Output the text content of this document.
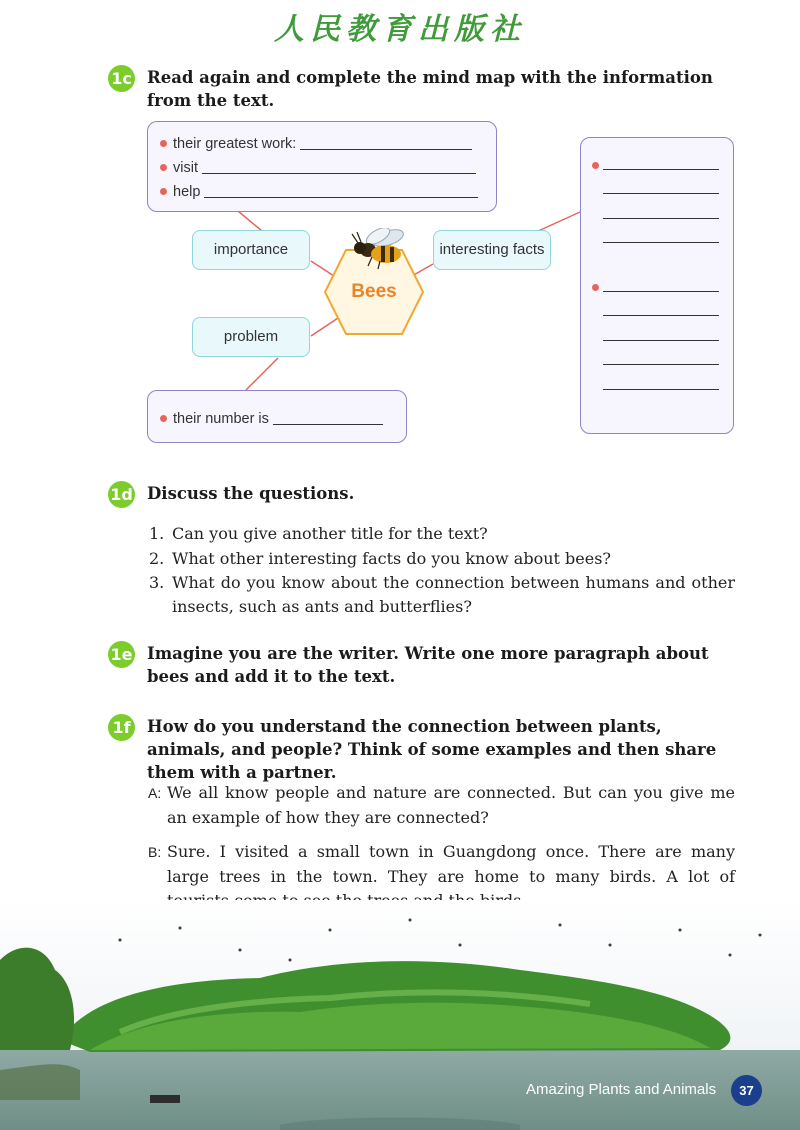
人民教育出版社
1c Read again and complete the mind map with the information from the text.
their greatest work:
visit
help
importance
problem
interesting facts
Bees
their number is
1d Discuss the questions.
1. Can you give another title for the text?
2. What other interesting facts do you know about bees?
3. What do you know about the connection between humans and other insects, such as ants and butterflies?
1e Imagine you are the writer. Write one more paragraph about bees and add it to the text.
1f How do you understand the connection between plants, animals, and people? Think of some examples and then share them with a partner.
A: We all know people and nature are connected. But can you give me an example of how they are connected?
B: Sure. I visited a small town in Guangdong once. There are many large trees in the town. They are home to many birds. A lot of
Amazing Plants and Animals	37
